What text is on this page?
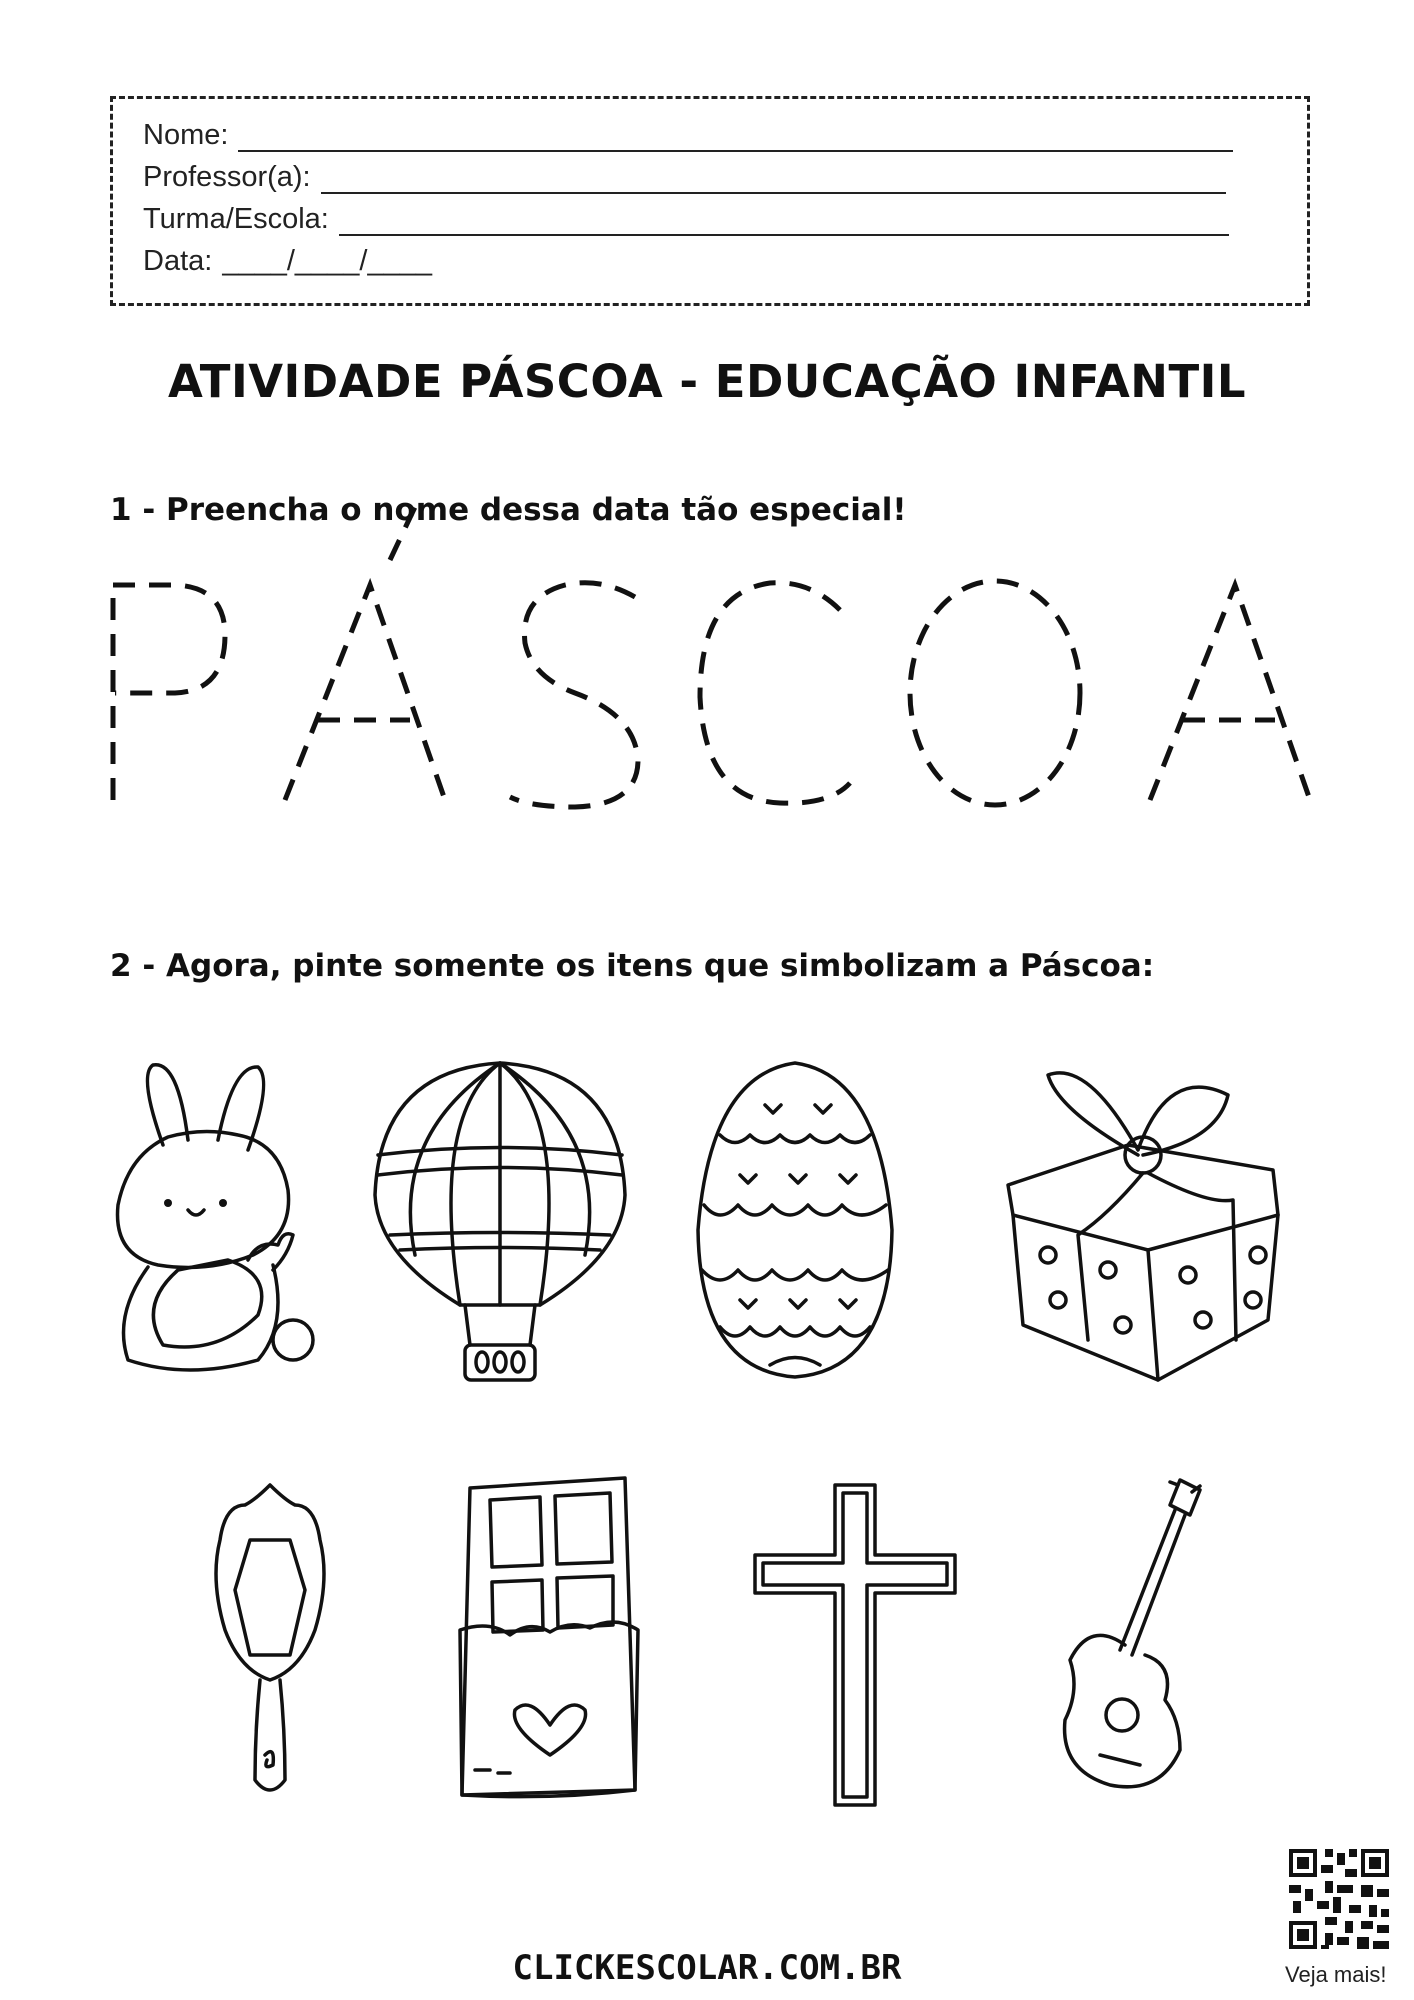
Nome:
Professor(a):
Turma/Escola:
Data: ____/____/____
ATIVIDADE PÁSCOA - EDUCAÇÃO INFANTIL
1 - Preencha o nome dessa data tão especial!
2 - Agora, pinte somente os itens que simbolizam a Páscoa:
CLICKESCOLAR.COM.BR	Veja mais!
